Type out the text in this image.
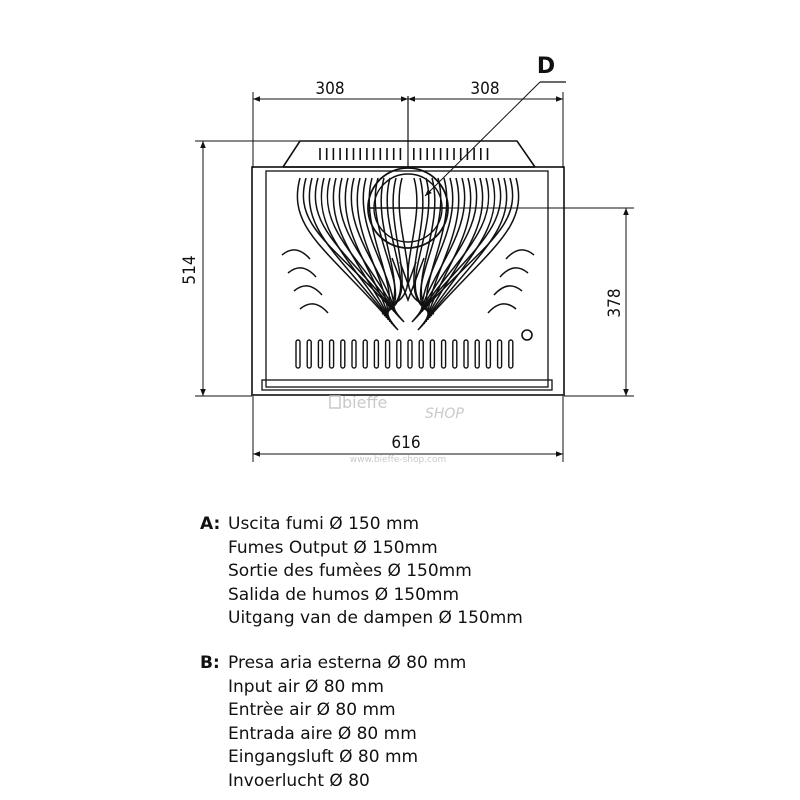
308	308
514
378
616
D
bieffe
SHOP
www.bieffe-shop.com
A: Uscita fumi Ø 150 mm
Fumes Output Ø 150mm
Sortie des fumèes Ø 150mm
Salida de humos Ø 150mm
Uitgang van de dampen Ø 150mm
B: Presa aria esterna Ø 80 mm
Input air Ø 80 mm
Entrèe air Ø 80 mm
Entrada aire Ø 80 mm
Eingangsluft Ø 80 mm
Invoerlucht Ø 80
